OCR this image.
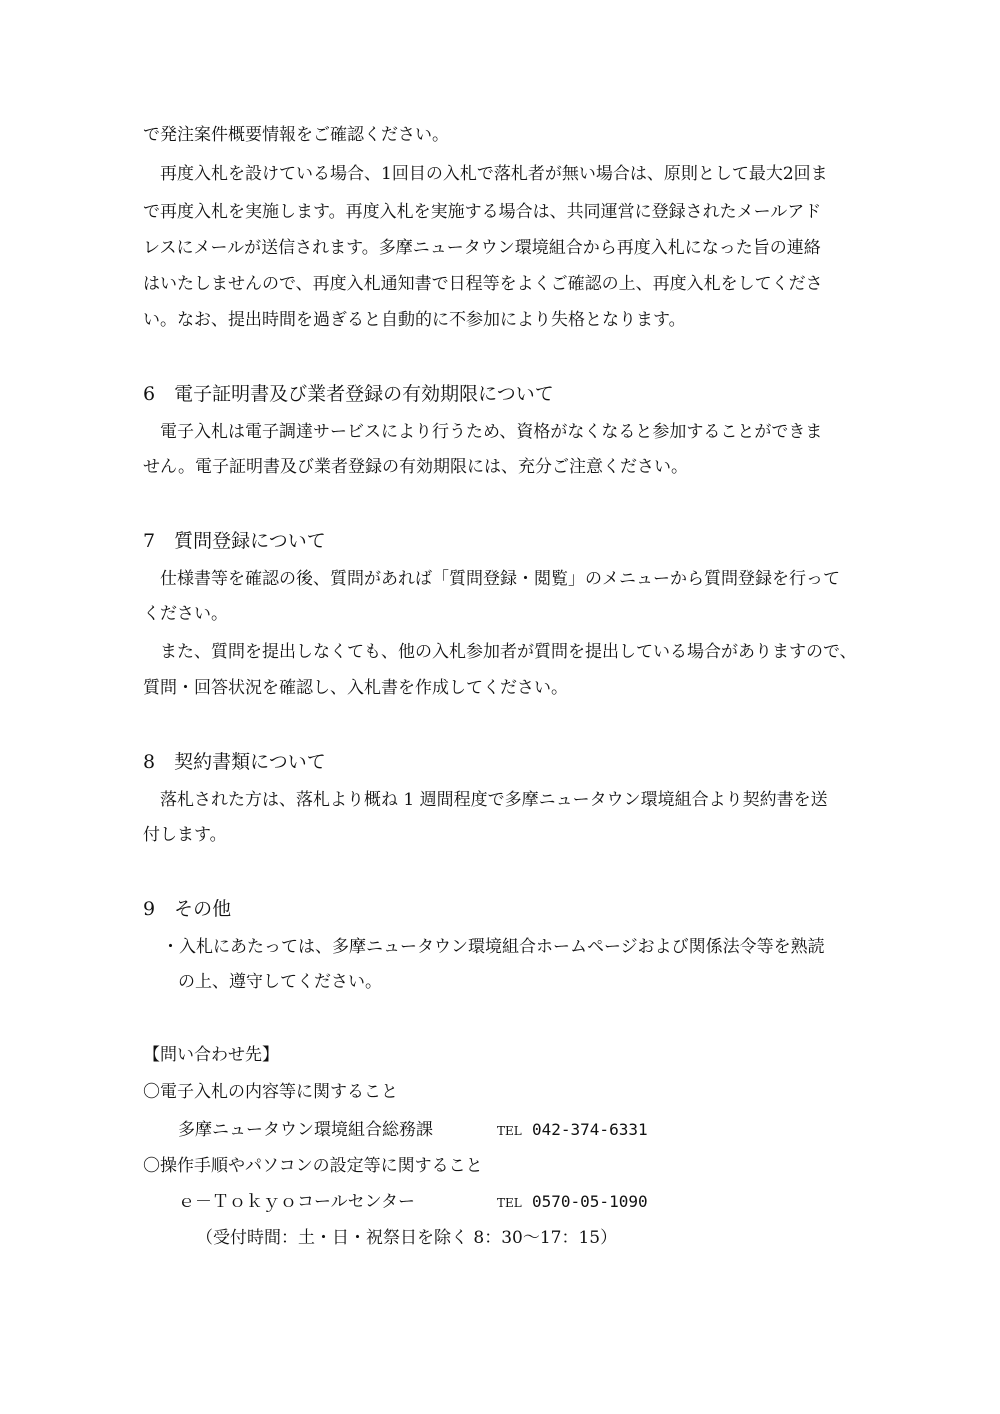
で発注案件概要情報をご確認ください。
　再度入札を設けている場合、1回目の入札で落札者が無い場合は、原則として最大2回ま
で再度入札を実施します。再度入札を実施する場合は、共同運営に登録されたメールアド
レスにメールが送信されます。多摩ニュータウン環境組合から再度入札になった旨の連絡
はいたしませんので、再度入札通知書で日程等をよくご確認の上、再度入札をしてくださ
い。なお、提出時間を過ぎると自動的に不参加により失格となります。
6　電子証明書及び業者登録の有効期限について
　電子入札は電子調達サービスにより行うため、資格がなくなると参加することができま
せん。電子証明書及び業者登録の有効期限には、充分ご注意ください。
7　質問登録について
　仕様書等を確認の後、質問があれば「質問登録・閲覧」のメニューから質問登録を行って
ください。
　また、質問を提出しなくても、他の入札参加者が質問を提出している場合がありますので、
質問・回答状況を確認し、入札書を作成してください。
8　契約書類について
　落札された方は、落札より概ね 1 週間程度で多摩ニュータウン環境組合より契約書を送
付します。
9　その他
・入札にあたっては、多摩ニュータウン環境組合ホームページおよび関係法令等を熟読
の上、遵守してください。
【問い合わせ先】
〇電子入札の内容等に関すること
多摩ニュータウン環境組合総務課	TEL 042-374-6331
〇操作手順やパソコンの設定等に関すること
ｅ－Ｔｏｋｙｏコールセンター	TEL 0570-05-1090
（受付時間：土・日・祝祭日を除く 8：30～17：15）
